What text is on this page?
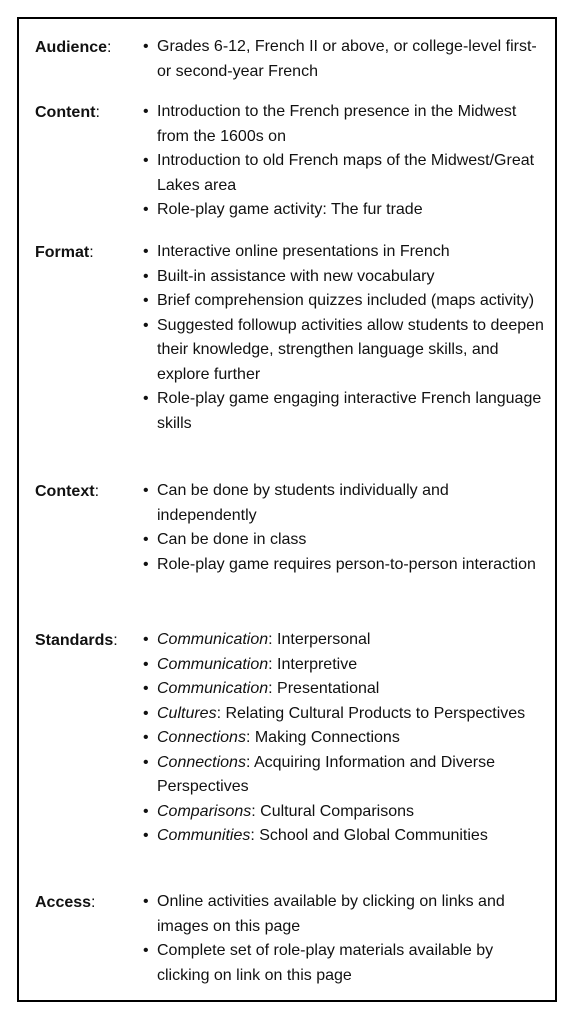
Audience: • Grades 6-12, French II or above, or college-level first- or second-year French
Content:	• Introduction to the French presence in the Midwest from the 1600s on
• Introduction to old French maps of the Midwest/Great Lakes area
• Role-play game activity: The fur trade
Format:	• Interactive online presentations in French
• Built-in assistance with new vocabulary
• Brief comprehension quizzes included (maps activity)
• Suggested followup activities allow students to deepen their knowledge, strengthen language skills, and explore further
• Role-play game engaging interactive French language skills
Context:	• Can be done by students individually and independently
• Can be done in class
• Role-play game requires person-to-person interaction
Standards: • Communication: Interpersonal
• Communication: Interpretive
• Communication: Presentational
• Cultures: Relating Cultural Products to Perspectives
• Connections: Making Connections
• Connections: Acquiring Information and Diverse Perspectives
• Comparisons: Cultural Comparisons
• Communities: School and Global Communities
Access:	• Online activities available by clicking on links and images on this page
• Complete set of role-play materials available by clicking on link on this page
